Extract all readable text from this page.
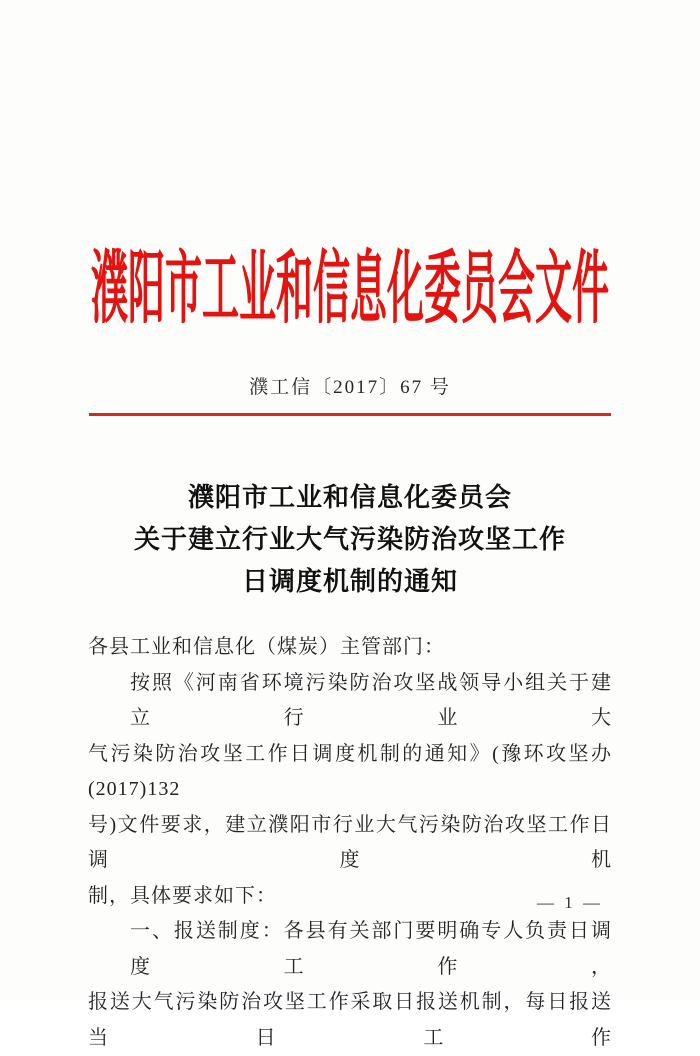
濮阳市工业和信息化委员会文件
濮工信〔2017〕67 号
濮阳市工业和信息化委员会
关于建立行业大气污染防治攻坚工作
日调度机制的通知
各县工业和信息化（煤炭）主管部门：
按照《河南省环境污染防治攻坚战领导小组关于建立行业大
气污染防治攻坚工作日调度机制的通知》(豫环攻坚办(2017)132
号)文件要求，建立濮阳市行业大气污染防治攻坚工作日调度机
制，具体要求如下：
一、报送制度：各县有关部门要明确专人负责日调度工作，
报送大气污染防治攻坚工作采取日报送机制，每日报送当日工作
— 1 —
